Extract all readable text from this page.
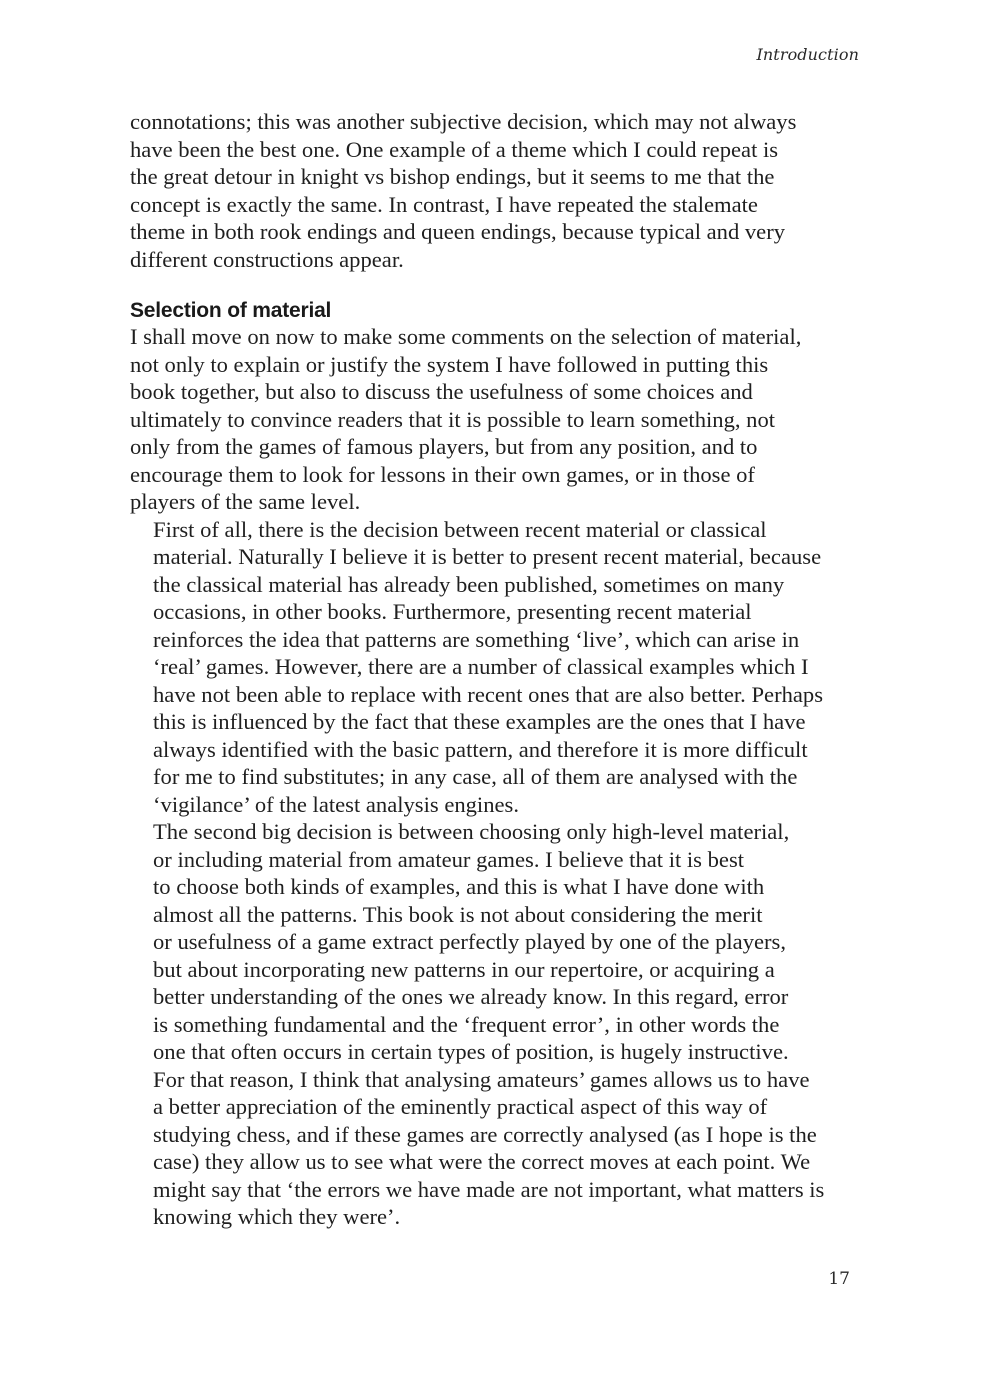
Introduction

connotations; this was another subjective decision, which may not always
have been the best one. One example of a theme which I could repeat is
the great detour in knight vs bishop endings, but it seems to me that the
concept is exactly the same. In contrast, I have repeated the stalemate
theme in both rook endings and queen endings, because typical and very
different constructions appear.

Selection of material

I shall move on now to make some comments on the selection of material,
not only to explain or justify the system I have followed in putting this
book together, but also to discuss the usefulness of some choices and
ultimately to convince readers that it is possible to learn something, not
only from the games of famous players, but from any position, and to
encourage them to look for lessons in their own games, or in those of
players of the same level.

First of all, there is the decision between recent material or classical
material. Naturally I believe it is better to present recent material, because
the classical material has already been published, sometimes on many
occasions, in other books. Furthermore, presenting recent material
reinforces the idea that patterns are something ‘live’, which can arise in
‘real’ games. However, there are a number of classical examples which I
have not been able to replace with recent ones that are also better. Perhaps
this is influenced by the fact that these examples are the ones that I have
always identified with the basic pattern, and therefore it is more difficult
for me to find substitutes; in any case, all of them are analysed with the
‘vigilance’ of the latest analysis engines.

The second big decision is between choosing only high-level material,
or including material from amateur games. I believe that it is best
to choose both kinds of examples, and this is what I have done with
almost all the patterns. This book is not about considering the merit
or usefulness of a game extract perfectly played by one of the players,
but about incorporating new patterns in our repertoire, or acquiring a
better understanding of the ones we already know. In this regard, error
is something fundamental and the ‘frequent error’, in other words the
one that often occurs in certain types of position, is hugely instructive.
For that reason, I think that analysing amateurs’ games allows us to have
a better appreciation of the eminently practical aspect of this way of
studying chess, and if these games are correctly analysed (as I hope is the
case) they allow us to see what were the correct moves at each point. We
might say that ‘the errors we have made are not important, what matters is
knowing which they were’.

17
